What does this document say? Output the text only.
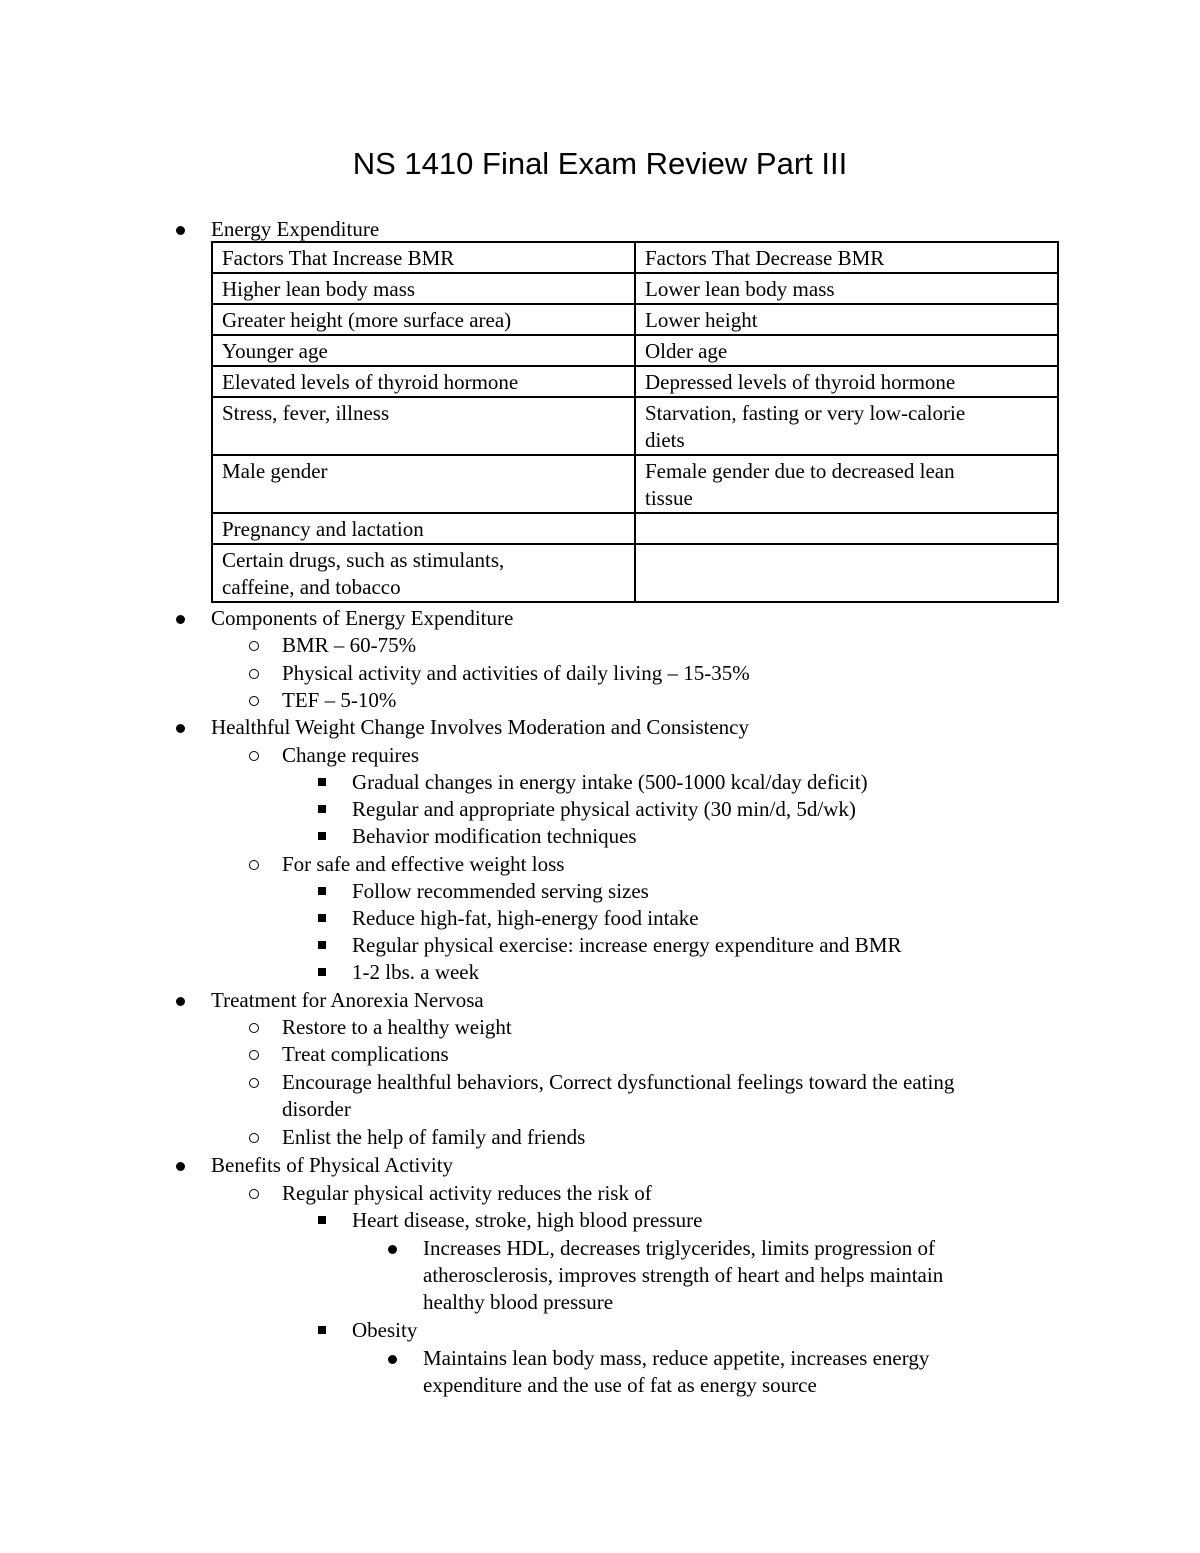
NS 1410 Final Exam Review Part III
Energy Expenditure
Factors That Increase BMR	Factors That Decrease BMR
Higher lean body mass	Lower lean body mass
Greater height (more surface area)	Lower height
Younger age	Older age
Elevated levels of thyroid hormone	Depressed levels of thyroid hormone

Stress, fever, illness	Starvation, fasting or very low-calorie
diets

Male gender	Female gender due to decreased lean
tissue

Pregnancy and lactation	

Certain drugs, such as stimulants,
caffeine, and tobacco	

Components of Energy Expenditure
BMR – 60-75%
Physical activity and activities of daily living – 15-35%
TEF – 5-10%
Healthful Weight Change Involves Moderation and Consistency
Change requires
Gradual changes in energy intake (500-1000 kcal/day deficit)
Regular and appropriate physical activity (30 min/d, 5d/wk)
Behavior modification techniques
For safe and effective weight loss
Follow recommended serving sizes
Reduce high-fat, high-energy food intake
Regular physical exercise: increase energy expenditure and BMR
1-2 lbs. a week
Treatment for Anorexia Nervosa
Restore to a healthy weight
Treat complications
Encourage healthful behaviors, Correct dysfunctional feelings toward the eating
disorder
Enlist the help of family and friends
Benefits of Physical Activity
Regular physical activity reduces the risk of
Heart disease, stroke, high blood pressure
Increases HDL, decreases triglycerides, limits progression of
atherosclerosis, improves strength of heart and helps maintain
healthy blood pressure
Obesity
Maintains lean body mass, reduce appetite, increases energy
expenditure and the use of fat as energy source
